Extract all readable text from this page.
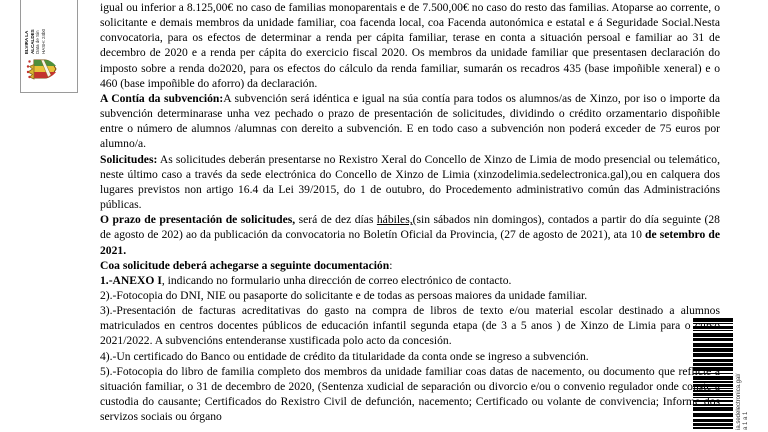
ELVIRA LA ALCALDES Data de Sin HASH: 24b0
ia.sedelectronica.gal/ a 1 a 1

igual ou inferior a 8.125,00€ no caso de familias monoparentais e de 7.500,00€ no caso do resto das familias. Atoparse ao corrente, o solicitante e demais membros da unidade familiar, coa facenda local, coa Facenda autonómica e estatal e á Seguridade Social.Nesta convocatoria, para os efectos de determinar a renda per cápita familiar, terase en conta a situación persoal e familiar ao 31 de decembro de 2020 e a renda per cápita do exercicio fiscal 2020. Os membros da unidade familiar que presentasen declaración do imposto sobre a renda do2020, para os efectos do cálculo da renda familiar, sumarán os recadros 435 (base impoñible xeneral) e o 460 (base impoñible do aforro) da declaración.

A Contía da subvención:A subvención será idéntica e igual na súa contía para todos os alumnos/as de Xinzo, por iso o importe da subvención determinarase unha vez pechado o prazo de presentación de solicitudes, dividindo o crédito orzamentario dispoñible entre o número de alumnos /alumnas con dereito a subvención. E en todo caso a subvención non poderá exceder de 75 euros por alumno/a.

Solicitudes: As solicitudes deberán presentarse no Rexistro Xeral do Concello de Xinzo de Limia de modo presencial ou telemático, neste último caso a través da sede electrónica do Concello de Xinzo de Limia (xinzodelimia.sedelectronica.gal),ou en calquera dos lugares previstos non artigo 16.4 da Lei 39/2015, do 1 de outubro, do Procedemento administrativo común das Administracións públicas.

O prazo de presentación de solicitudes, será de dez días hábiles,(sin sábados nin domingos), contados a partir do día seguinte (28 de agosto de 202) ao da publicación da convocatoria no Boletín Oficial da Provincia, (27 de agosto de 2021), ata 10 de setembro de 2021.

Coa solicitude deberá achegarse a seguinte documentación:

1.-ANEXO I, indicando no formulario unha dirección de correo electrónico de contacto.

2).-Fotocopia do DNI, NIE ou pasaporte do solicitante e de todas as persoas maiores da unidade familiar.

3).-Presentación de facturas acreditativas do gasto na compra de libros de texto e/ou material escolar destinado a alumnos matriculados en centros docentes públicos de educación infantil segunda etapa (de 3 a 5 anos ) de Xinzo de Limia para o curso 2021/2022. A subvencións entenderanse xustificada polo acto da concesión.

4).-Un certificado do Banco ou entidade de crédito da titularidade da conta onde se ingreso a subvención.

5).-Fotocopia do libro de familia completo dos membros da unidade familiar coas datas de nacemento, ou documento que reflicte a situación familiar, o 31 de decembro de 2020, (Sentenza xudicial de separación ou divorcio e/ou o convenio regulador onde conste a custodia do causante; Certificados do Rexistro Civil de defunción, nacemento; Certificado ou volante de convivencia; Informe dos servizos sociais ou órgano
